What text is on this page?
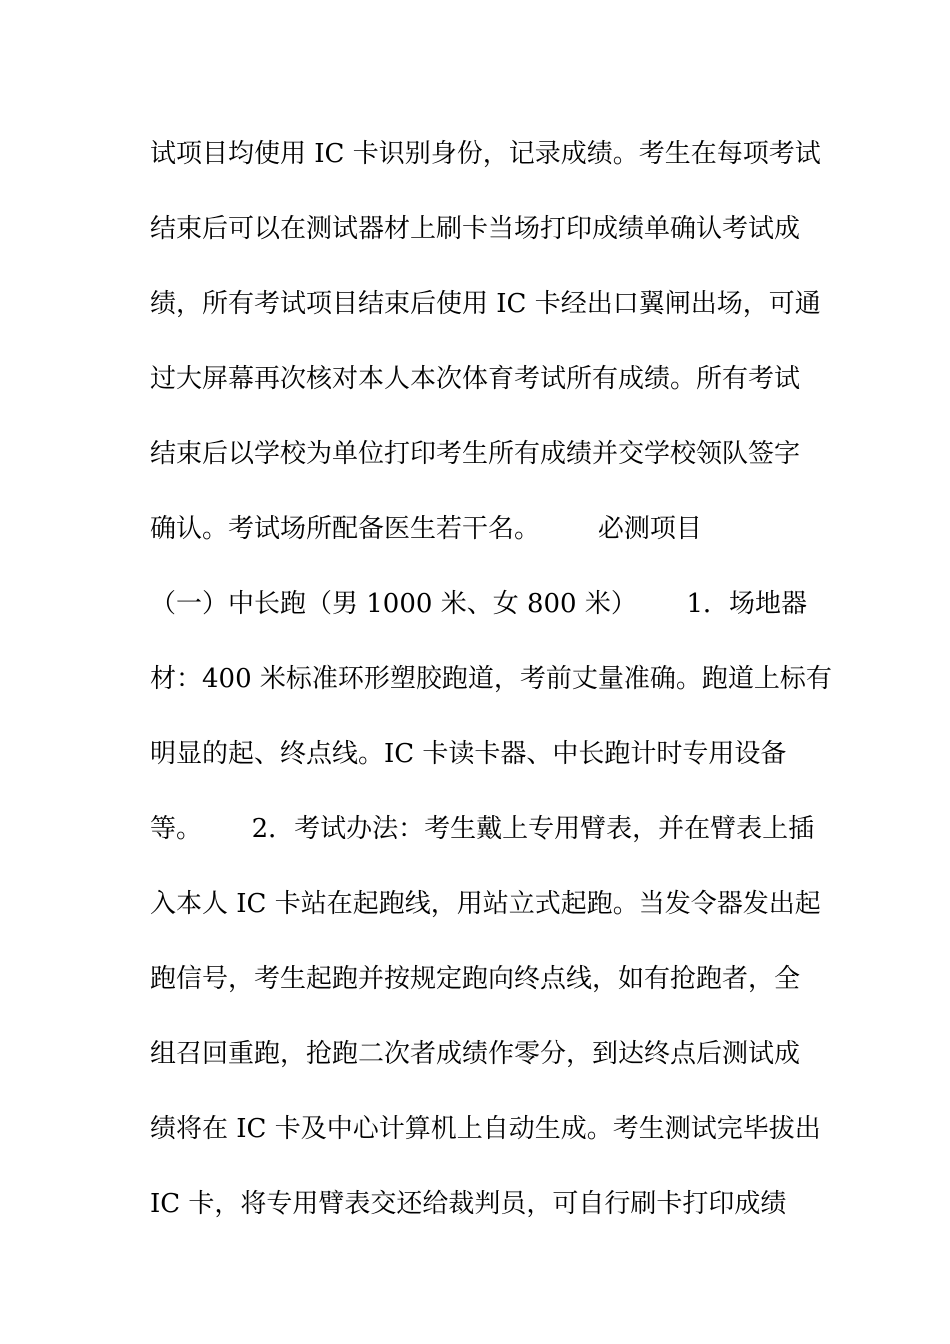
试项目均使用 IC 卡识别身份，记录成绩。考生在每项考试
结束后可以在测试器材上刷卡当场打印成绩单确认考试成
绩，所有考试项目结束后使用 IC 卡经出口翼闸出场，可通
过大屏幕再次核对本人本次体育考试所有成绩。所有考试
结束后以学校为单位打印考生所有成绩并交学校领队签字
确认。考试场所配备医生若干名。       必测项目
（一）中长跑（男 1000 米、女 800 米）      1．场地器
材：400 米标准环形塑胶跑道，考前丈量准确。跑道上标有
明显的起、终点线。IC 卡读卡器、中长跑计时专用设备
等。      2．考试办法：考生戴上专用臂表，并在臂表上插
入本人 IC 卡站在起跑线，用站立式起跑。当发令器发出起
跑信号，考生起跑并按规定跑向终点线，如有抢跑者，全
组召回重跑，抢跑二次者成绩作零分，到达终点后测试成
绩将在 IC 卡及中心计算机上自动生成。考生测试完毕拔出
IC 卡，将专用臂表交还给裁判员，可自行刷卡打印成绩
